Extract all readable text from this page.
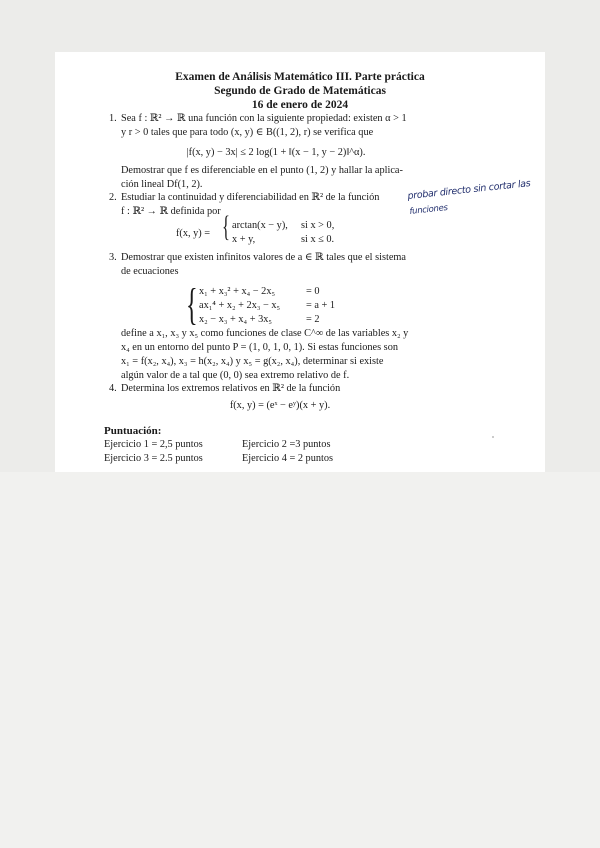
Examen de Análisis Matemático III. Parte práctica
Segundo de Grado de Matemáticas
16 de enero de 2024
1. Sea f : ℝ² → ℝ una función con la siguiente propiedad: existen α > 1
y r > 0 tales que para todo (x, y) ∈ B((1, 2), r) se verifica que
|f(x, y) − 3x| ≤ 2 log(1 + ‖(x − 1, y − 2)‖^α).
Demostrar que f es diferenciable en el punto (1, 2) y hallar la aplica-
ción lineal Df(1, 2).
2. Estudiar la continuidad y diferenciabilidad en ℝ² de la función
f : ℝ² → ℝ definida por
f(x, y) = { arctan(x − y), si x > 0,
x + y,	si x ≤ 0.
probar directo sin cortar las
funciones
3. Demostrar que existen infinitos valores de a ∈ ℝ tales que el sistema
de ecuaciones
{ x₁ + x₃² + x₄ − 2x₅	= 0
ax₁⁴ + x₂ + 2x₃ − x₅	= a + 1
x₂ − x₃ + x₄ + 3x₅	= 2
define a x₁, x₃ y x₅ como funciones de clase C^∞ de las variables x₂ y
x₄ en un entorno del punto P = (1, 0, 1, 0, 1). Si estas funciones son
x₁ = f(x₂, x₄), x₃ = h(x₂, x₄) y x₅ = g(x₂, x₄), determinar si existe
algún valor de a tal que (0, 0) sea extremo relativo de f.
4. Determina los extremos relativos en ℝ² de la función
f(x, y) = (eˣ − eʸ)(x + y).
Puntuación:
Ejercicio 1 = 2,5 puntos	Ejercicio 2 =3 puntos
Ejercicio 3 = 2.5 puntos	Ejercicio 4 = 2 puntos
